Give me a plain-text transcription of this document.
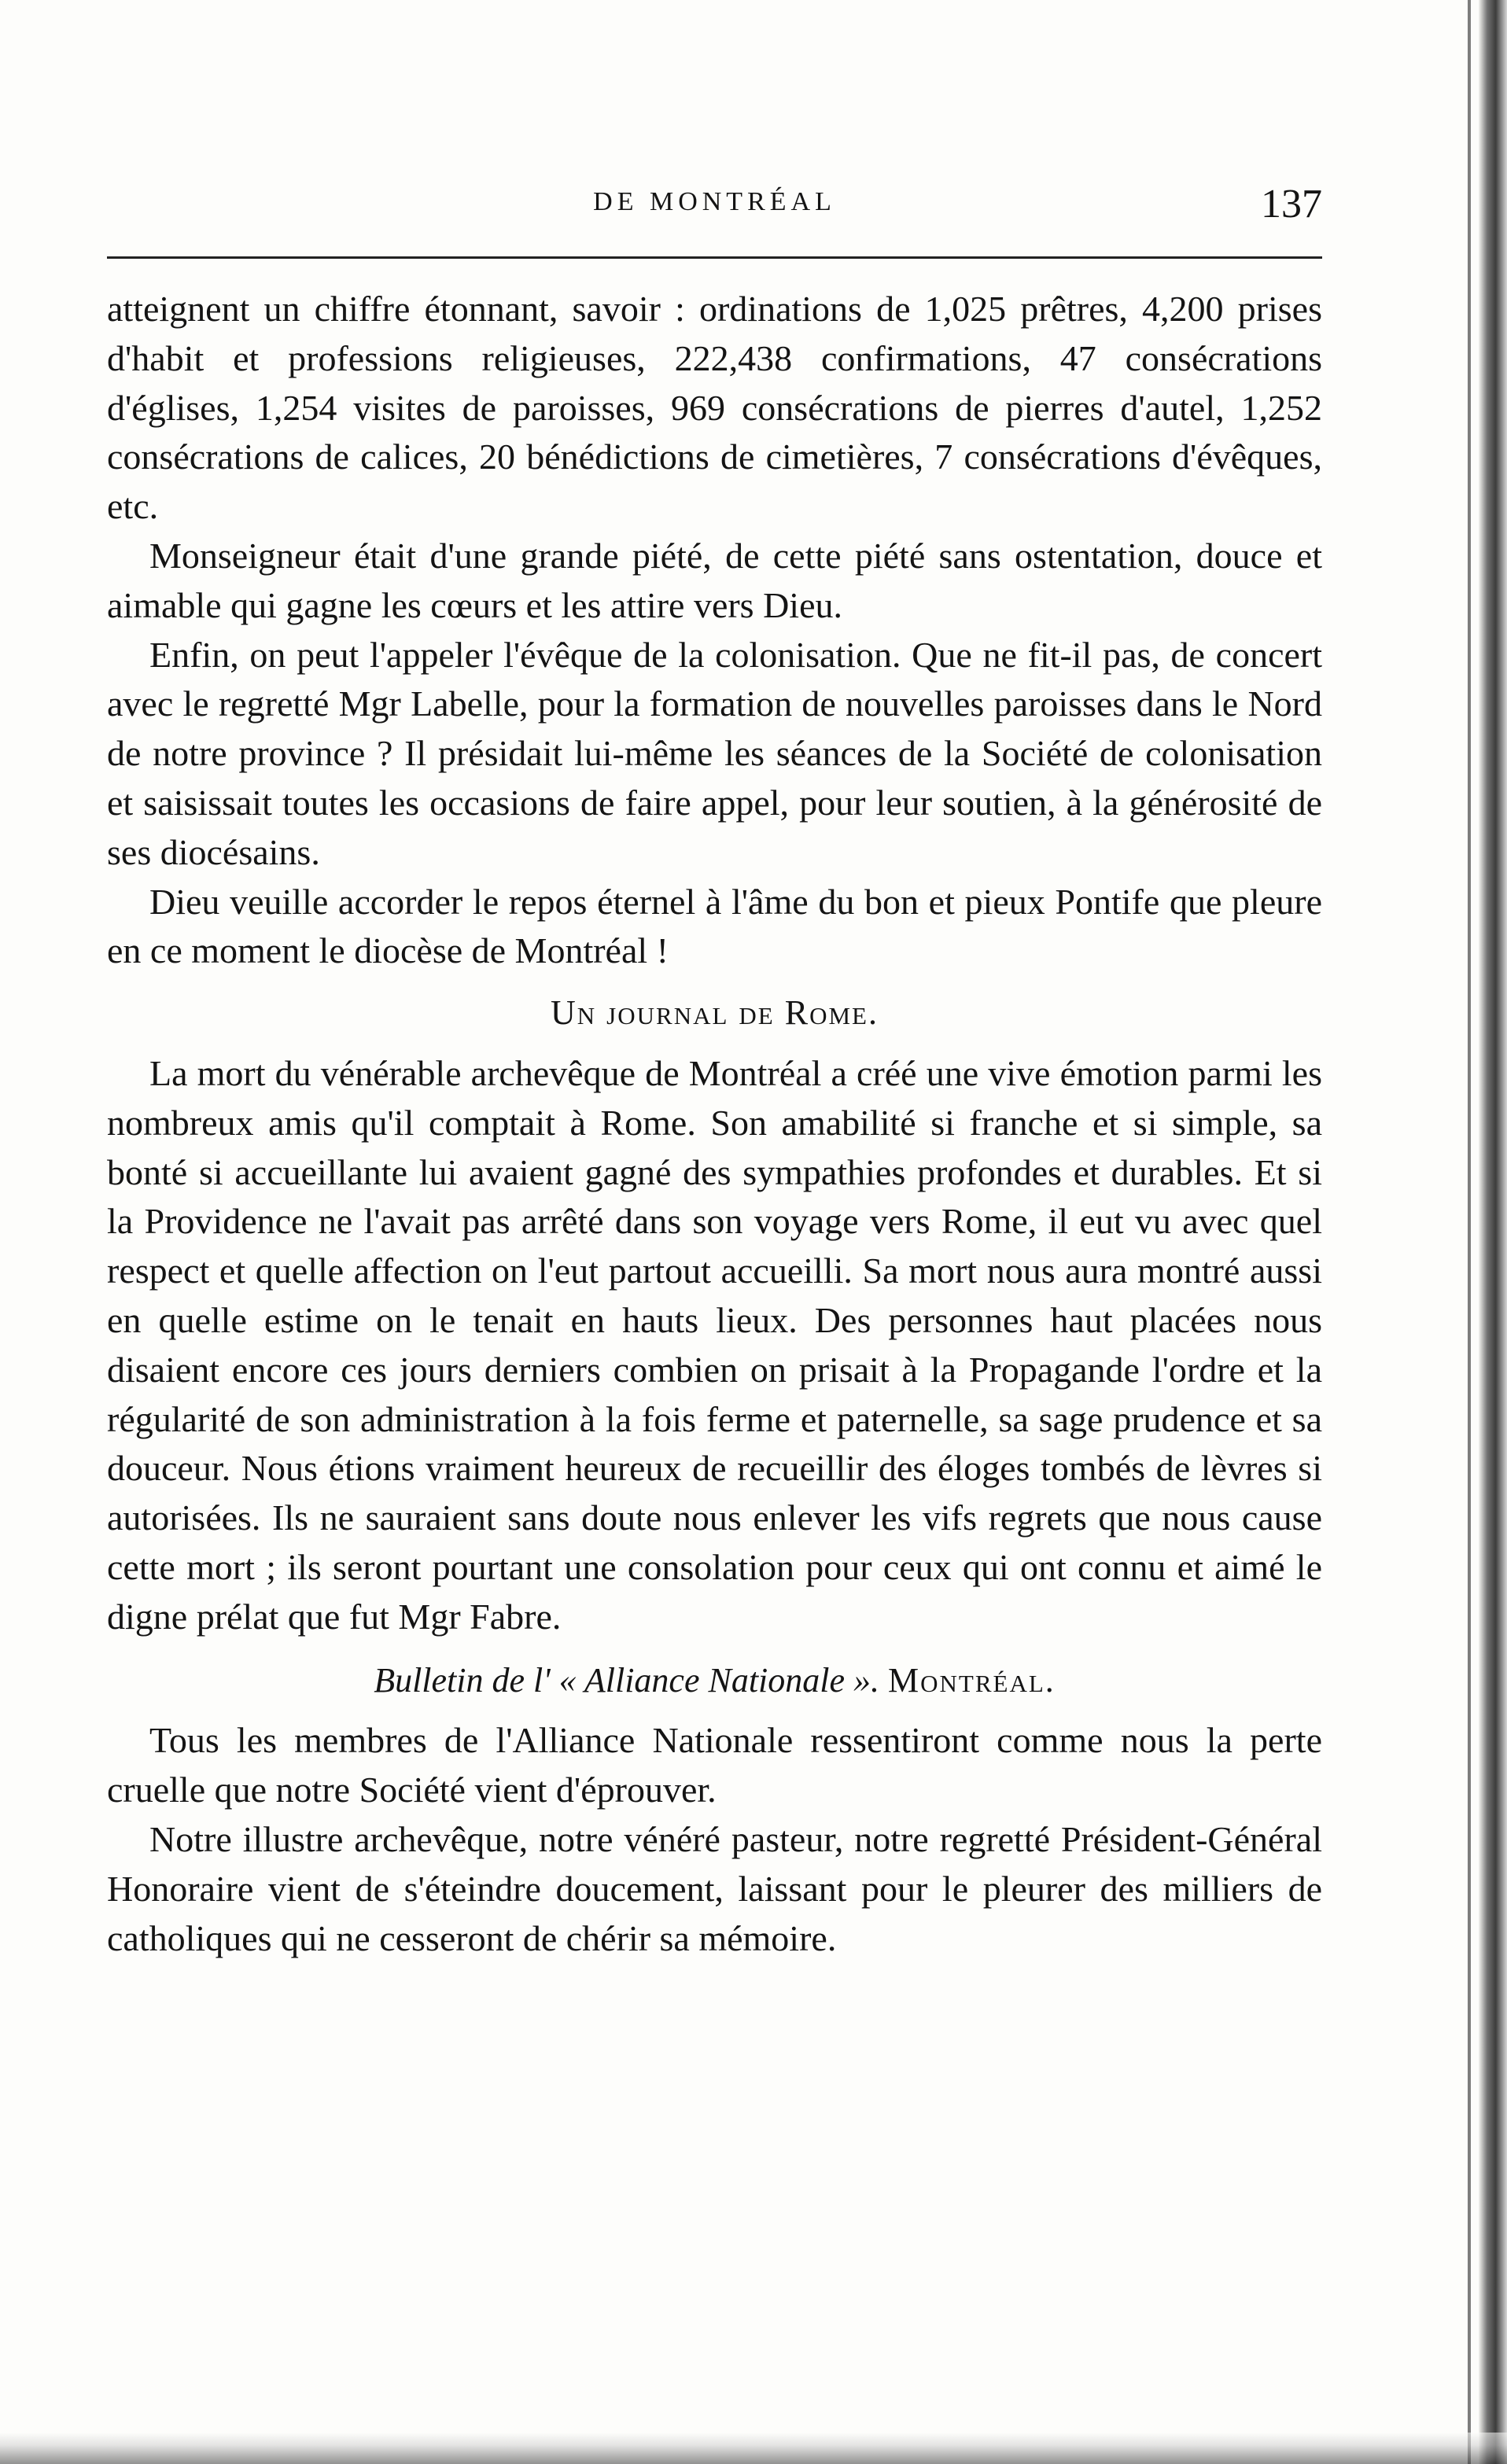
DE MONTRÉAL	137

atteignent un chiffre étonnant, savoir : ordinations de 1,025 prêtres, 4,200 prises d'habit et professions religieuses, 222,438 confirmations, 47 consécrations d'églises, 1,254 visites de paroisses, 969 consécrations de pierres d'autel, 1,252 consécrations de calices, 20 bénédictions de cimetières, 7 consécrations d'évêques, etc.

Monseigneur était d'une grande piété, de cette piété sans ostentation, douce et aimable qui gagne les cœurs et les attire vers Dieu.

Enfin, on peut l'appeler l'évêque de la colonisation. Que ne fit-il pas, de concert avec le regretté Mgr Labelle, pour la formation de nouvelles paroisses dans le Nord de notre province ? Il présidait lui-même les séances de la Société de colonisation et saisissait toutes les occasions de faire appel, pour leur soutien, à la générosité de ses diocésains.

Dieu veuille accorder le repos éternel à l'âme du bon et pieux Pontife que pleure en ce moment le diocèse de Montréal !

Un journal de Rome.

La mort du vénérable archevêque de Montréal a créé une vive émotion parmi les nombreux amis qu'il comptait à Rome. Son amabilité si franche et si simple, sa bonté si accueillante lui avaient gagné des sympathies profondes et durables. Et si la Providence ne l'avait pas arrêté dans son voyage vers Rome, il eut vu avec quel respect et quelle affection on l'eut partout accueilli. Sa mort nous aura montré aussi en quelle estime on le tenait en hauts lieux. Des personnes haut placées nous disaient encore ces jours derniers combien on prisait à la Propagande l'ordre et la régularité de son administration à la fois ferme et paternelle, sa sage prudence et sa douceur. Nous étions vraiment heureux de recueillir des éloges tombés de lèvres si autorisées. Ils ne sauraient sans doute nous enlever les vifs regrets que nous cause cette mort ; ils seront pourtant une consolation pour ceux qui ont connu et aimé le digne prélat que fut Mgr Fabre.

Bulletin de l' « Alliance Nationale ». Montréal.

Tous les membres de l'Alliance Nationale ressentiront comme nous la perte cruelle que notre Société vient d'éprouver.

Notre illustre archevêque, notre vénéré pasteur, notre regretté Président-Général Honoraire vient de s'éteindre doucement, laissant pour le pleurer des milliers de catholiques qui ne cesseront de chérir sa mémoire.
